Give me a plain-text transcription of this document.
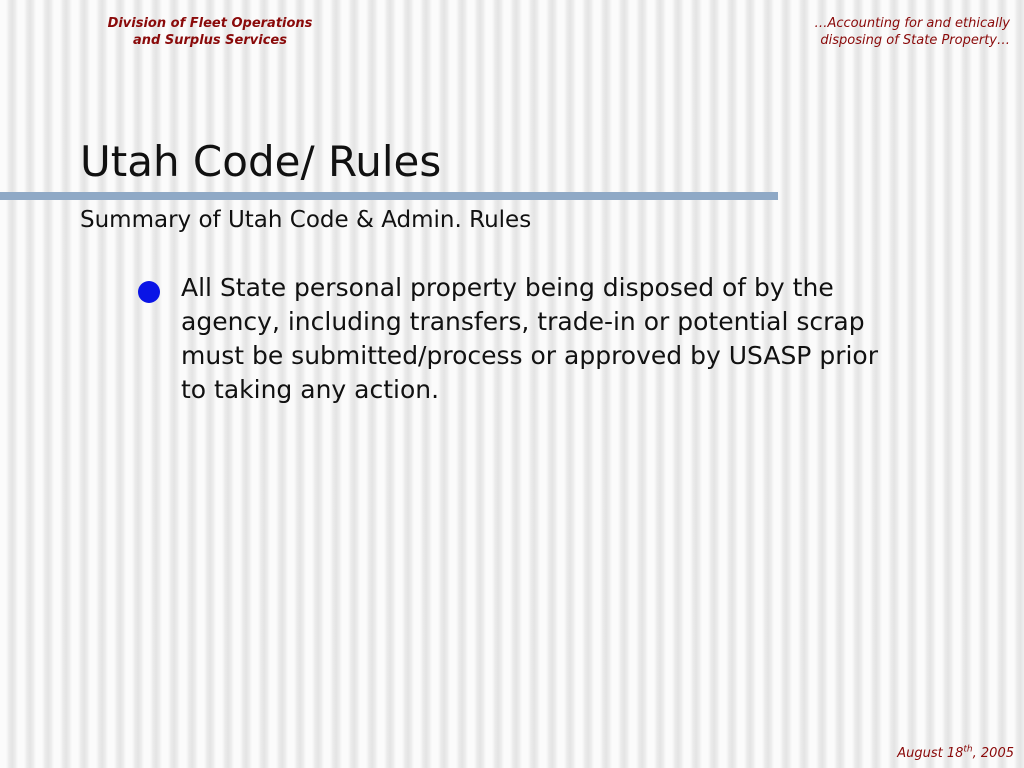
Division of Fleet Operations
and Surplus Services
…Accounting for and ethically
disposing of State Property…
Utah Code/ Rules
Summary of Utah Code & Admin. Rules
All State personal property being disposed of by the agency, including transfers, trade-in or potential scrap must be submitted/process or approved by USASP prior to taking any action.
August 18th, 2005
